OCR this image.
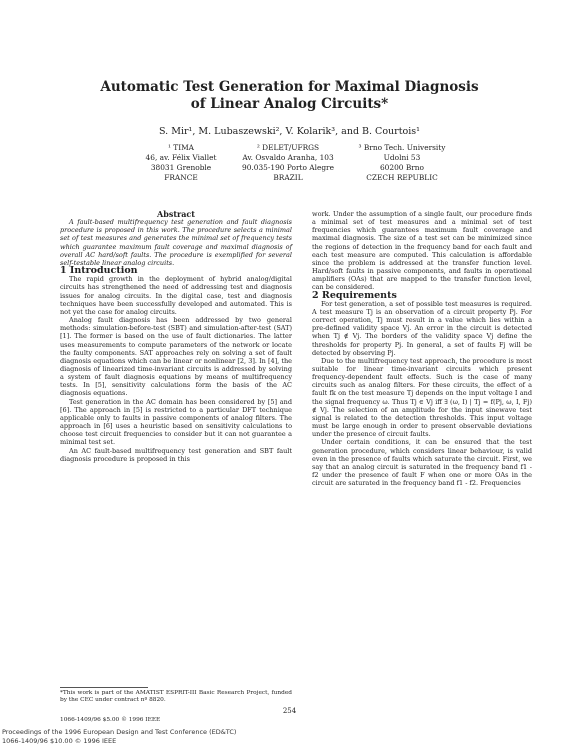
Automatic Test Generation for Maximal Diagnosis
of Linear Analog Circuits*
S. Mir¹, M. Lubaszewski², V. Kolarik³, and B. Courtois¹
¹ TIMA
46, av. Félix Viallet
38031 Grenoble
FRANCE
² DELET/UFRGS
Av. Osvaldo Aranha, 103
90.035-190 Porto Alegre
BRAZIL
³ Brno Tech. University
Udolni 53
60200 Brno
CZECH REPUBLIC

Abstract

A fault-based multifrequency test generation and fault diagnosis procedure is proposed in this work. The procedure selects a minimal set of test measures and generates the minimal set of frequency tests which guarantee maximum fault coverage and maximal diagnosis of overall AC hard/soft faults. The procedure is exemplified for several self-testable linear analog circuits.

1 Introduction

The rapid growth in the deployment of hybrid analog/digital circuits has strengthened the need of addressing test and diagnosis issues for analog circuits. In the digital case, test and diagnosis techniques have been successfully developed and automated. This is not yet the case for analog circuits.

Analog fault diagnosis has been addressed by two general methods: simulation-before-test (SBT) and simulation-after-test (SAT) [1]. The former is based on the use of fault dictionaries. The latter uses measurements to compute parameters of the network or locate the faulty components. SAT approaches rely on solving a set of fault diagnosis equations which can be linear or nonlinear [2, 3]. In [4], the diagnosis of linearized time-invariant circuits is addressed by solving a system of fault diagnosis equations by means of multifrequency tests. In [5], sensitivity calculations form the basis of the AC diagnosis equations.

Test generation in the AC domain has been considered by [5] and [6]. The approach in [5] is restricted to a particular DFT technique applicable only to faults in passive components of analog filters. The approach in [6] uses a heuristic based on sensitivity calculations to choose test circuit frequencies to consider but it can not guarantee a minimal test set.

An AC fault-based multifrequency test generation and SBT fault diagnosis procedure is proposed in this

*This work is part of the AMATIST ESPRIT-III Basic Research Project, funded by the CEC under contract nº 8820.

work. Under the assumption of a single fault, our procedure finds a minimal set of test measures and a minimal set of test frequencies which guarantees maximum fault coverage and maximal diagnosis. The size of a test set can be minimized since the regions of detection in the frequency band for each fault and each test measure are computed. This calculation is affordable since the problem is addressed at the transfer function level. Hard/soft faults in passive components, and faults in operational amplifiers (OAs) that are mapped to the transfer function level, can be considered.

2 Requirements

For test generation, a set of possible test measures is required. A test measure Tj is an observation of a circuit property Pj. For correct operation, Tj must result in a value which lies within a pre-defined validity space Vj. An error in the circuit is detected when Tj ∉ Vj. The borders of the validity space Vj define the thresholds for property Pj. In general, a set of faults Fj will be detected by observing Pj.

Due to the multifrequency test approach, the procedure is most suitable for linear time-invariant circuits which present frequency-dependent fault effects. Such is the case of many circuits such as analog filters. For these circuits, the effect of a fault fk on the test measure Tj depends on the input voltage I and the signal frequency ω. Thus Tj ∈ Vj iff ∃ (ω, I) | Tj = f(Pj, ω, I, Fj) ∉ Vj. The selection of an amplitude for the input sinewave test signal is related to the detection thresholds. This input voltage must be large enough in order to present observable deviations under the presence of circuit faults.

Under certain conditions, it can be ensured that the test generation procedure, which considers linear behaviour, is valid even in the presence of faults which saturate the circuit. First, we say that an analog circuit is saturated in the frequency band f1 - f2 under the presence of fault F when one or more OAs in the circuit are saturated in the frequency band f1 - f2. Frequencies

254
1066-1409/96 $5.00 © 1996 IEEE
Proceedings of the 1996 European Design and Test Conference (ED&TC)
1066-1409/96 $10.00 © 1996 IEEE
